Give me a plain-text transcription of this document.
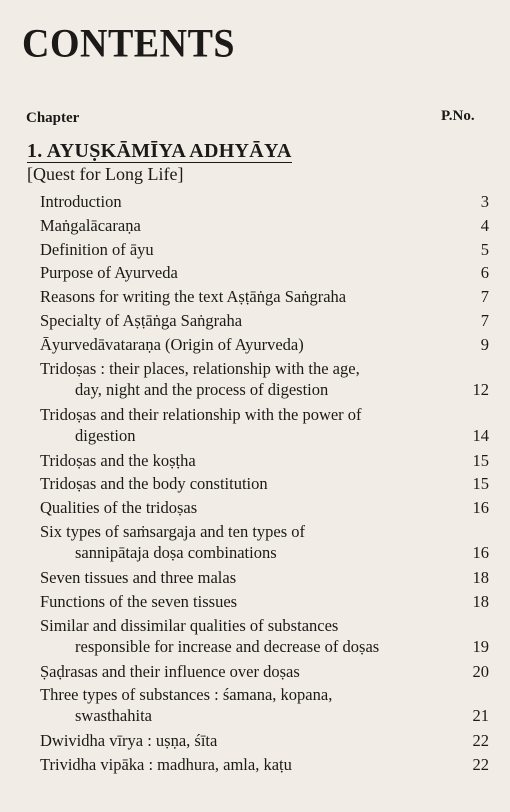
CONTENTS
Chapter	P.No.
1. AYUṢKĀMĪYA ADHYĀYA
[Quest for Long Life]
Introduction	3
Maṅgalācaraṇa	4
Definition of āyu	5
Purpose of Ayurveda	6
Reasons for writing the text Aṣṭāṅga Saṅgraha	7
Specialty of Aṣṭāṅga Saṅgraha	7
Āyurvedāvataraṇa (Origin of Ayurveda)	9
Tridoṣas : their places, relationship with the age,
day, night and the process of digestion	12
Tridoṣas and their relationship with the power of
digestion	14
Tridoṣas and the koṣṭha	15
Tridoṣas and the body constitution	15
Qualities of the tridoṣas	16
Six types of saṁsargaja and ten types of
sannipātaja doṣa combinations	16
Seven tissues and three malas	18
Functions of the seven tissues	18
Similar and dissimilar qualities of substances
responsible for increase and decrease of doṣas	19
Ṣaḍrasas and their influence over doṣas	20
Three types of substances : śamana, kopana,
swasthahita	21
Dwividha vīrya : uṣṇa, śīta	22
Trividha vipāka : madhura, amla, kaṭu	22
